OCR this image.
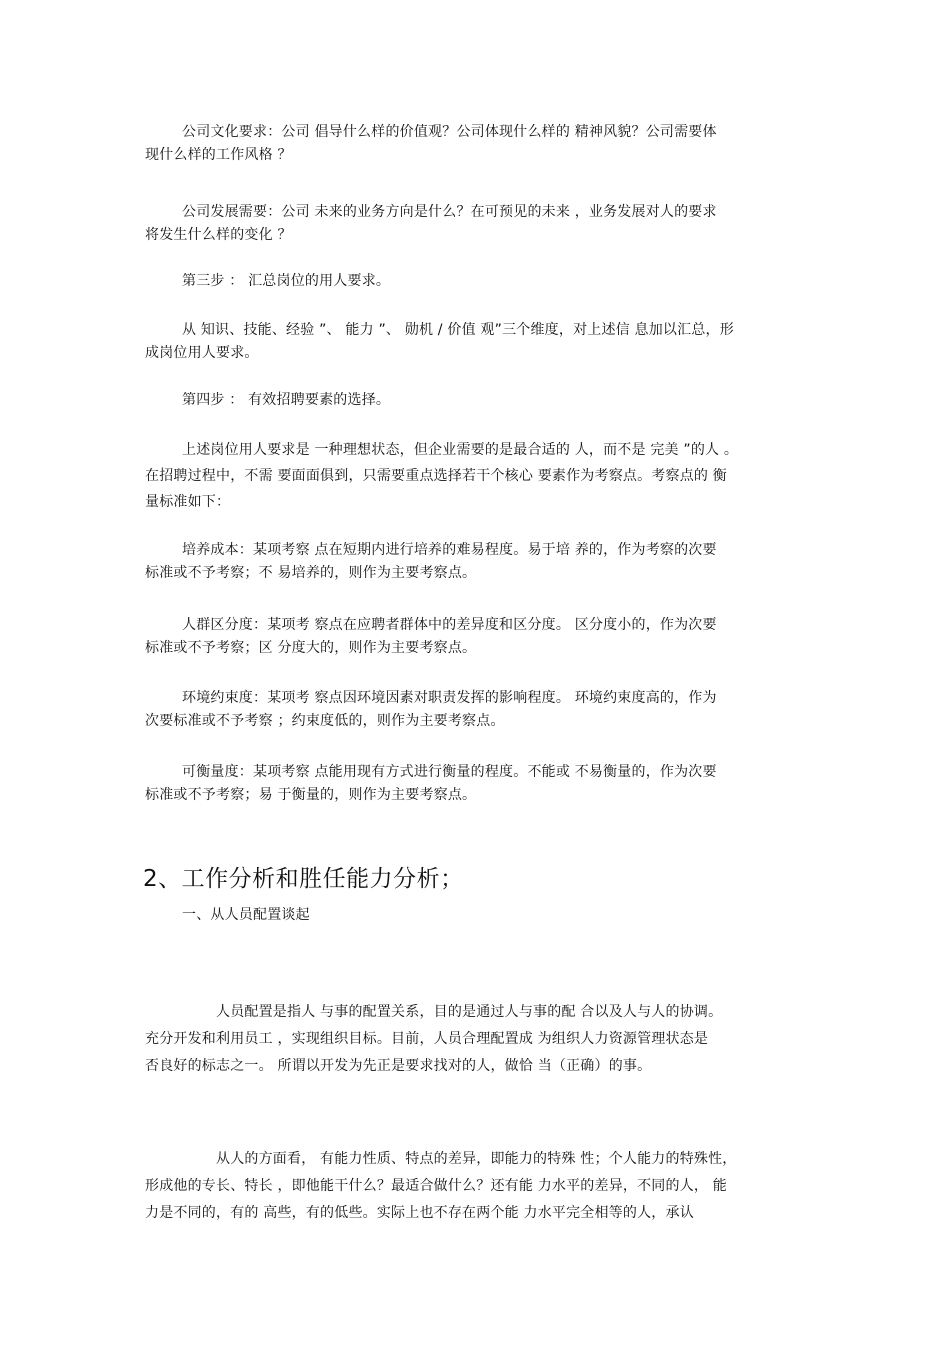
公司文化要求：公司 倡导什么样的价值观？公司体现什么样的 精神风貌？公司需要体
现什么样的工作风格 ？
公司发展需要：公司 未来的业务方向是什么？在可预见的未来 ，业务发展对人的要求
将发生什么样的变化 ？
第三步 ： 汇总岗位的用人要求。
从 知识、技能、经验 ”、 能力 ”、 勋机 / 价值 观”三个维度，对上述信 息加以汇总，形
成岗位用人要求。
第四步 ： 有效招聘要素的选择。
上述岗位用人要求是 一种理想状态，但企业需要的是最合适的 人，而不是 完美 ”的人 。
在招聘过程中，不需 要面面俱到，只需要重点选择若干个核心 要素作为考察点。考察点的 衡
量标准如下：
培养成本：某项考察 点在短期内进行培养的难易程度。易于培 养的，作为考察的次要
标准或不予考察；不 易培养的，则作为主要考察点。
人群区分度：某项考 察点在应聘者群体中的差异度和区分度。 区分度小的，作为次要
标准或不予考察；区 分度大的，则作为主要考察点。
环境约束度：某项考 察点因环境因素对职责发挥的影响程度。 环境约束度高的，作为
次要标准或不予考察 ；约束度低的，则作为主要考察点。
可衡量度：某项考察 点能用现有方式进行衡量的程度。不能或 不易衡量的，作为次要
标准或不予考察；易 于衡量的，则作为主要考察点。
2、工作分析和胜任能力分析；
一、从人员配置谈起
人员配置是指人 与事的配置关系，目的是通过人与事的配 合以及人与人的协调。
充分开发和利用员工 ，实现组织目标。目前，人员合理配置成 为组织人力资源管理状态是
否良好的标志之一。 所谓以开发为先正是要求找对的人，做恰 当（正确）的事。
从人的方面看， 有能力性质、特点的差异，即能力的特殊 性；个人能力的特殊性，
形成他的专长、特长 ，即他能干什么？最适合做什么？还有能 力水平的差异，不同的人， 能
力是不同的，有的 高些，有的低些。实际上也不存在两个能 力水平完全相等的人，承认
